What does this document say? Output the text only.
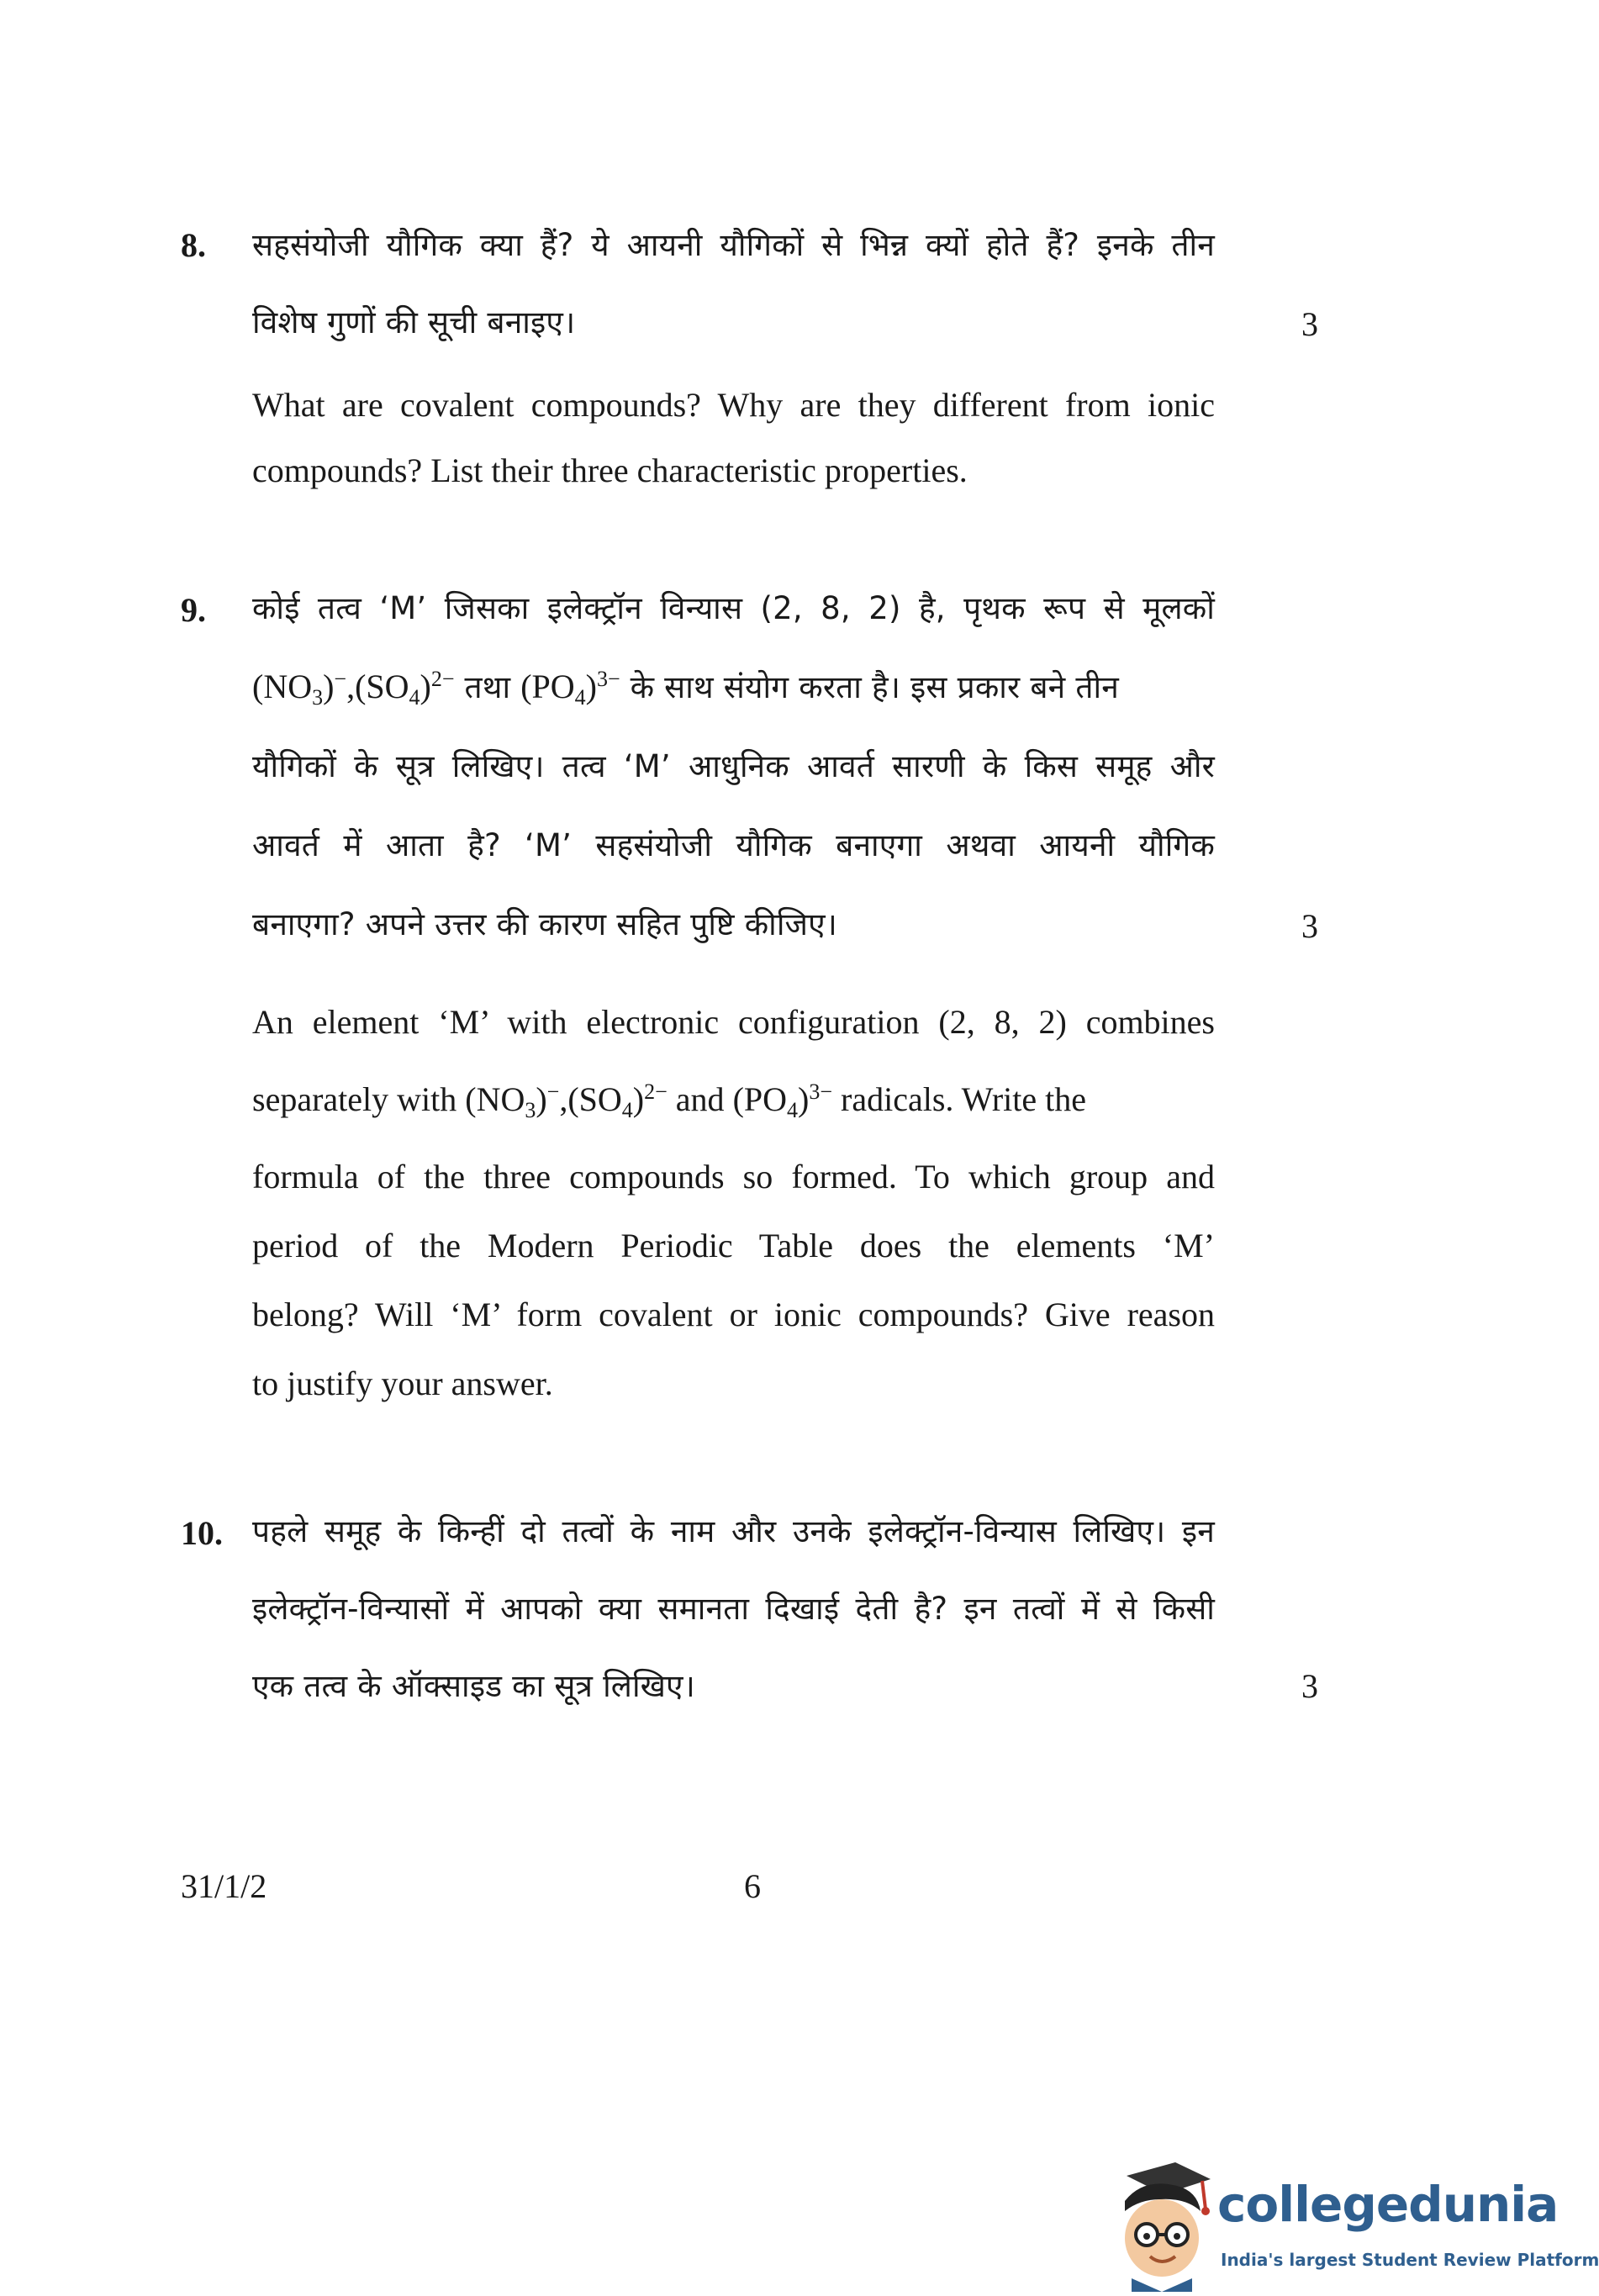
8. सहसंयोजी यौगिक क्या हैं? ये आयनी यौगिकों से भिन्न क्यों होते हैं? इनके तीन
विशेष गुणों की सूची बनाइए।	3
What are covalent compounds? Why are they different from ionic
compounds? List their three characteristic properties.
9. कोई तत्व ‘M’ जिसका इलेक्ट्रॉन विन्यास (2, 8, 2) है, पृथक रूप से मूलकों
$(NO_3)^-,(SO_4)^{2-}$ तथा $(PO_4)^{3-}$ के साथ संयोग करता है। इस प्रकार बने तीन
यौगिकों के सूत्र लिखिए। तत्व ‘M’ आधुनिक आवर्त सारणी के किस समूह और
आवर्त में आता है? ‘M’ सहसंयोजी यौगिक बनाएगा अथवा आयनी यौगिक
बनाएगा? अपने उत्तर की कारण सहित पुष्टि कीजिए।	3
An element ‘M’ with electronic configuration (2, 8, 2) combines
separately with $(NO_3)^-,(SO_4)^{2-}$ and $(PO_4)^{3-}$ radicals. Write the
formula of the three compounds so formed. To which group and
period of the Modern Periodic Table does the elements ‘M’
belong? Will ‘M’ form covalent or ionic compounds? Give reason
to justify your answer.
10. पहले समूह के किन्हीं दो तत्वों के नाम और उनके इलेक्ट्रॉन-विन्यास लिखिए। इन
इलेक्ट्रॉन-विन्यासों में आपको क्या समानता दिखाई देती है? इन तत्वों में से किसी
एक तत्व के ऑक्साइड का सूत्र लिखिए।	3
31/1/2	6
collegedunia
India's largest Student Review Platform
